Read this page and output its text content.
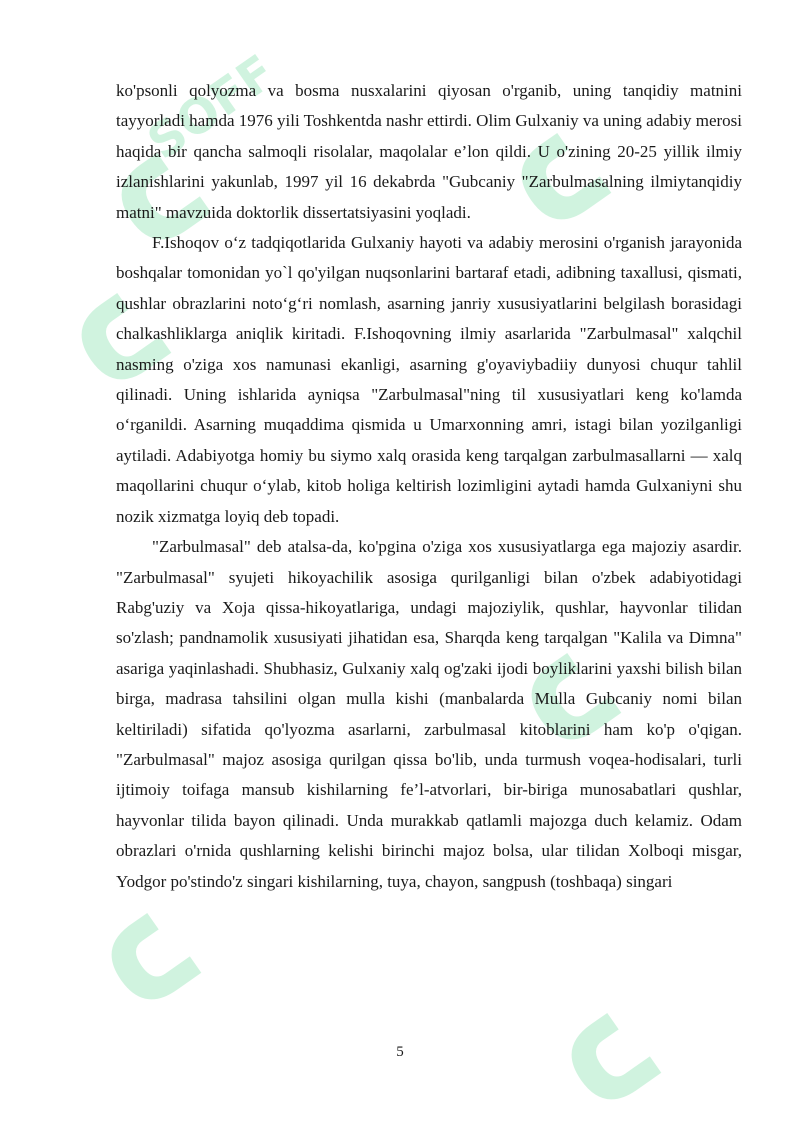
SOFF

ko'psonli qolyozma va bosma nusxalarini qiyosan o'rganib, uning tanqidiy matnini tayyorladi hamda 1976 yili Toshkentda nashr ettirdi. Olim Gulxaniy va uning adabiy merosi haqida bir qancha salmoqli risolalar, maqolalar e’lon qildi. U o'zining 20-25 yillik ilmiy izlanishlarini yakunlab, 1997 yil 16 dekabrda "Gubcaniy "Zarbulmasalning ilmiytanqidiy matni" mavzuida doktorlik dissertatsiyasini yoqladi.

F.Ishoqov o‘z tadqiqotlarida Gulxaniy hayoti va adabiy merosini o'rganish jarayonida boshqalar tomonidan yo`l qo'yilgan nuqsonlarini bartaraf etadi, adibning taxallusi, qismati, qushlar obrazlarini noto‘g‘ri nomlash, asarning janriy xususiyatlarini belgilash borasidagi chalkashliklarga aniqlik kiritadi. F.Ishoqovning ilmiy asarlarida "Zarbulmasal" xalqchil nasming o'ziga xos namunasi ekanligi, asarning g'oyaviybadiiy dunyosi chuqur tahlil qilinadi. Uning ishlarida ayniqsa "Zarbulmasal"ning til xususiyatlari keng ko'lamda o‘rganildi. Asarning muqaddima qismida u Umarxonning amri, istagi bilan yozilganligi aytiladi. Adabiyotga homiy bu siymo xalq orasida keng tarqalgan zarbulmasallarni — xalq maqollarini chuqur o‘ylab, kitob holiga keltirish lozimligini aytadi hamda Gulxaniyni shu nozik xizmatga loyiq deb topadi.

"Zarbulmasal" deb atalsa-da, ko'pgina o'ziga xos xususiyatlarga ega majoziy asardir. "Zarbulmasal" syujeti hikoyachilik asosiga qurilganligi bilan o'zbek adabiyotidagi Rabg'uziy va Xoja qissa-hikoyatlariga, undagi majoziylik, qushlar, hayvonlar tilidan so'zlash; pandnamolik xususiyati jihatidan esa, Sharqda keng tarqalgan "Kalila va Dimna" asariga yaqinlashadi. Shubhasiz, Gulxaniy xalq og'zaki ijodi boyliklarini yaxshi bilish bilan birga, madrasa tahsilini olgan mulla kishi (manbalarda Mulla Gubcaniy nomi bilan keltiriladi) sifatida qo'lyozma asarlarni, zarbulmasal kitoblarini ham ko'p o'qigan. "Zarbulmasal" majoz asosiga qurilgan qissa bo'lib, unda turmush voqea-hodisalari, turli ijtimoiy toifaga mansub kishilarning fe’l-atvorlari, bir-biriga munosabatlari qushlar, hayvonlar tilida bayon qilinadi. Unda murakkab qatlamli majozga duch kelamiz. Odam obrazlari o'rnida qushlarning kelishi birinchi majoz bolsa, ular tilidan Xolboqi misgar, Yodgor po'stindo'z singari kishilarning, tuya, chayon, sangpush (toshbaqa) singari

5
